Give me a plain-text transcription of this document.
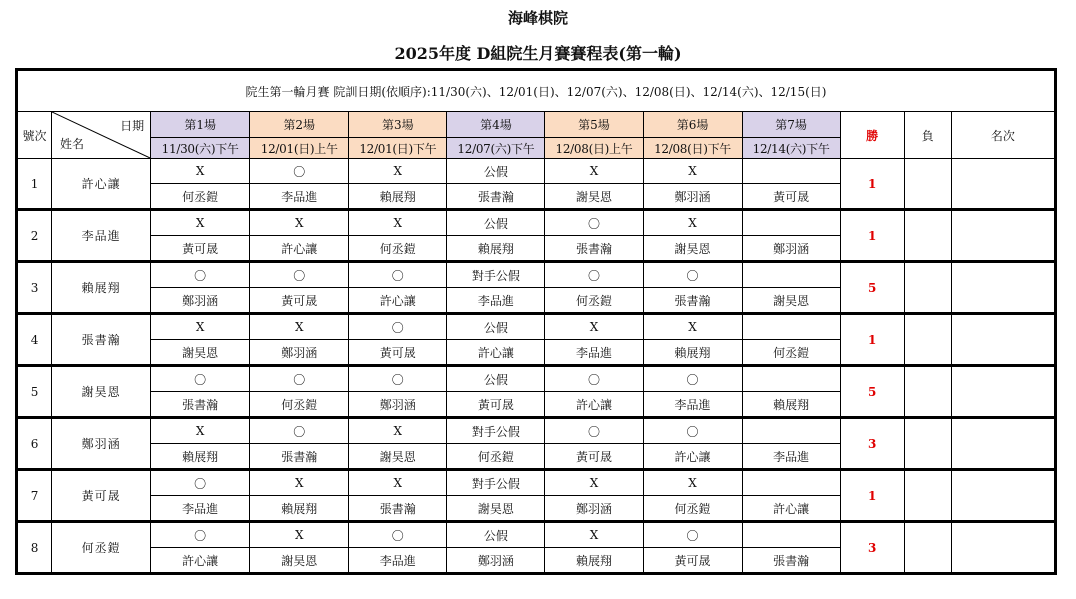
海峰棋院
2025年度 D組院生月賽賽程表(第一輪)
院生第一輪月賽 院訓日期(依順序):11/30(六)、12/01(日)、12/07(六)、12/08(日)、12/14(六)、12/15(日)											
號次	日期
姓名	第1場	第2場	第3場	第4場	第5場	第6場	第7場	勝	負	名次
		11/30(六)下午	12/01(日)上午	12/01(日)下午	12/07(六)下午	12/08(日)上午	12/08(日)下午	12/14(六)下午			
1	許心讓	X	〇	X	公假	X	X		1		
		何丞鎧	李品進	賴展翔	張書瀚	謝昊恩	鄭羽涵	黃可晟			
2	李品進	X	X	X	公假	〇	X		1		
		黃可晟	許心讓	何丞鎧	賴展翔	張書瀚	謝昊恩	鄭羽涵			
3	賴展翔	〇	〇	〇	對手公假	〇	〇		5		
		鄭羽涵	黃可晟	許心讓	李品進	何丞鎧	張書瀚	謝昊恩			
4	張書瀚	X	X	〇	公假	X	X		1		
		謝昊恩	鄭羽涵	黃可晟	許心讓	李品進	賴展翔	何丞鎧			
5	謝昊恩	〇	〇	〇	公假	〇	〇		5		
		張書瀚	何丞鎧	鄭羽涵	黃可晟	許心讓	李品進	賴展翔			
6	鄭羽涵	X	〇	X	對手公假	〇	〇		3		
		賴展翔	張書瀚	謝昊恩	何丞鎧	黃可晟	許心讓	李品進			
7	黃可晟	〇	X	X	對手公假	X	X		1		
		李品進	賴展翔	張書瀚	謝昊恩	鄭羽涵	何丞鎧	許心讓			
8	何丞鎧	〇	X	〇	公假	X	〇		3		
		許心讓	謝昊恩	李品進	鄭羽涵	賴展翔	黃可晟	張書瀚			
